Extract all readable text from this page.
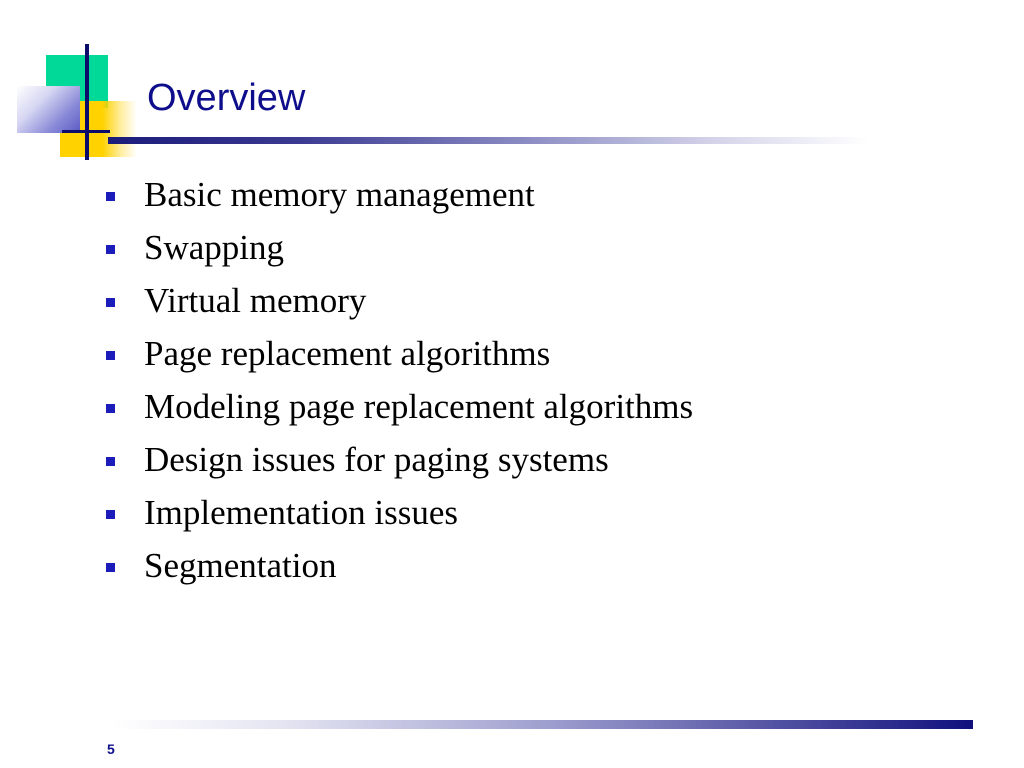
Overview
Basic memory management
Swapping
Virtual memory
Page replacement algorithms
Modeling page replacement algorithms
Design issues for paging systems
Implementation issues
Segmentation
5
